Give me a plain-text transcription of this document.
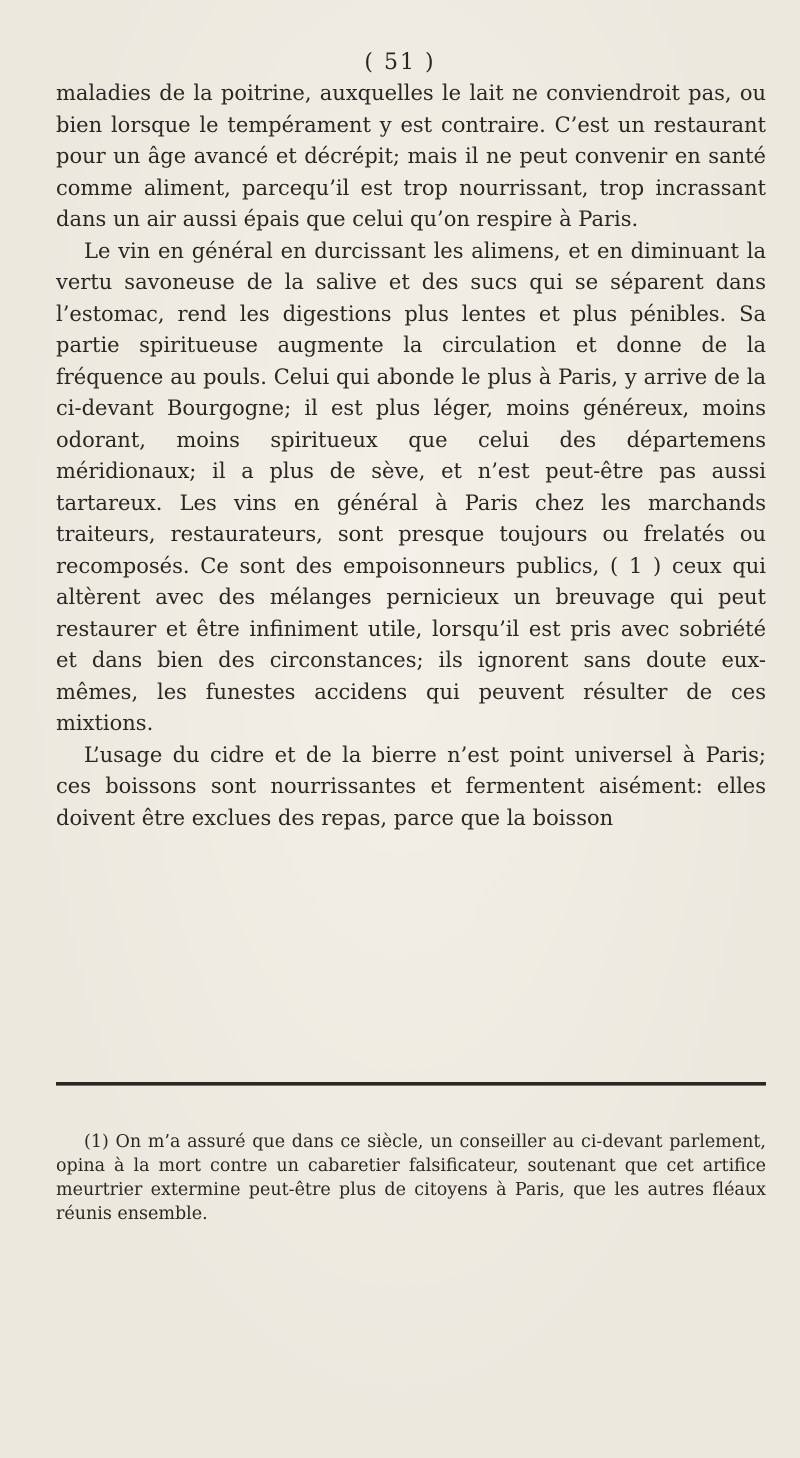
( 51 )

maladies de la poitrine, auxquelles le lait ne conviendroit pas, ou bien lorsque le tempérament y est contraire. C’est un restaurant pour un âge avancé et décrépit; mais il ne peut convenir en santé comme aliment, parcequ’il est trop nourrissant, trop incrassant dans un air aussi épais que celui qu’on respire à Paris.

Le vin en général en durcissant les alimens, et en diminuant la vertu savoneuse de la salive et des sucs qui se séparent dans l’estomac, rend les digestions plus lentes et plus pénibles. Sa partie spiritueuse augmente la circulation et donne de la fréquence au pouls. Celui qui abonde le plus à Paris, y arrive de la ci-devant Bourgogne; il est plus léger, moins généreux, moins odorant, moins spiritueux que celui des départemens méridionaux; il a plus de sève, et n’est peut-être pas aussi tartareux. Les vins en général à Paris chez les marchands traiteurs, restaurateurs, sont presque toujours ou frelatés ou recomposés. Ce sont des empoisonneurs publics, ( 1 ) ceux qui altèrent avec des mélanges pernicieux un breuvage qui peut restaurer et être infiniment utile, lorsqu’il est pris avec sobriété et dans bien des circonstances; ils ignorent sans doute eux-mêmes, les funestes accidens qui peuvent résulter de ces mixtions.

L’usage du cidre et de la bierre n’est point universel à Paris; ces boissons sont nourrissantes et fermentent aisément: elles doivent être exclues des repas, parce que la boisson

(1) On m’a assuré que dans ce siècle, un conseiller au ci-devant parlement, opina à la mort contre un cabaretier falsificateur, soutenant que cet artifice meurtrier extermine peut-être plus de citoyens à Paris, que les autres fléaux réunis ensemble.
